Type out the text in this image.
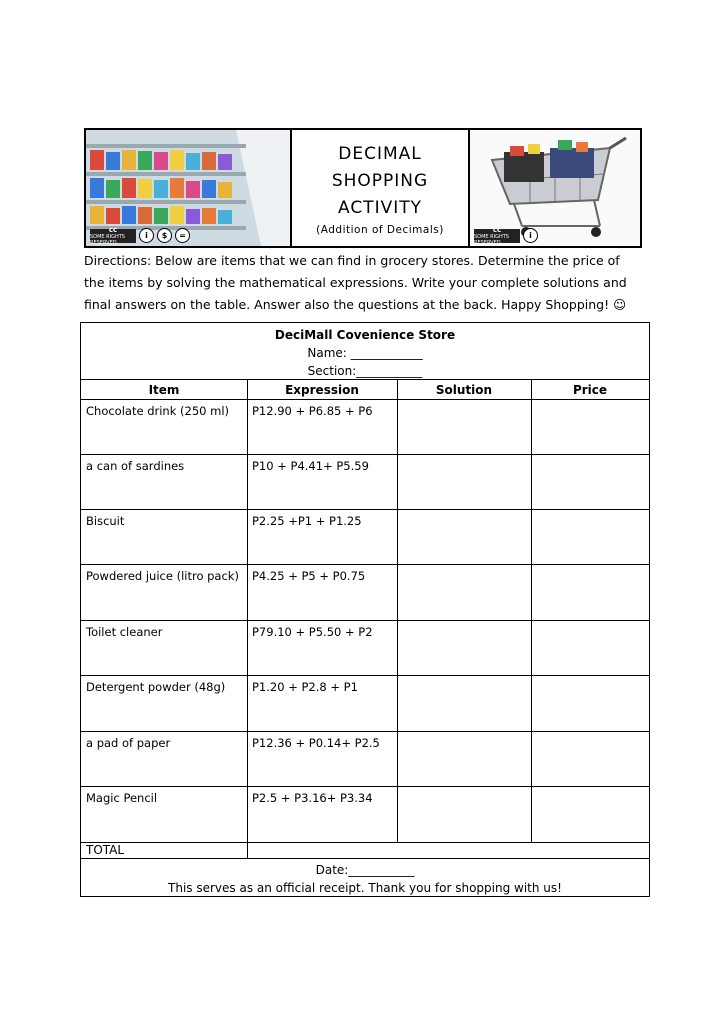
cc
SOME RIGHTS RESERVED
i	$	=
DECIMAL
SHOPPING
ACTIVITY
(Addition of Decimals)	cc
SOME RIGHTS RESERVED
i
Directions: Below are items that we can find in grocery stores. Determine the price of the items by solving the mathematical expressions. Write your complete solutions and final answers on the table. Answer also the questions at the back. Happy Shopping! ☺
DeciMall Covenience Store
Name: ____________
Section:___________
Item	Expression	Solution	Price
Chocolate drink (250 ml)	P12.90 + P6.85 + P6
a can of sardines	P10 + P4.41+ P5.59
Biscuit	P2.25 +P1 + P1.25
Powdered juice (litro pack)	P4.25 + P5 + P0.75
Toilet cleaner	P79.10 + P5.50 + P2
Detergent powder (48g)	P1.20 + P2.8 + P1
a pad of paper	P12.36 + P0.14+ P2.5
Magic Pencil	P2.5 + P3.16+ P3.34
TOTAL
Date:___________
This serves as an official receipt. Thank you for shopping with us!
